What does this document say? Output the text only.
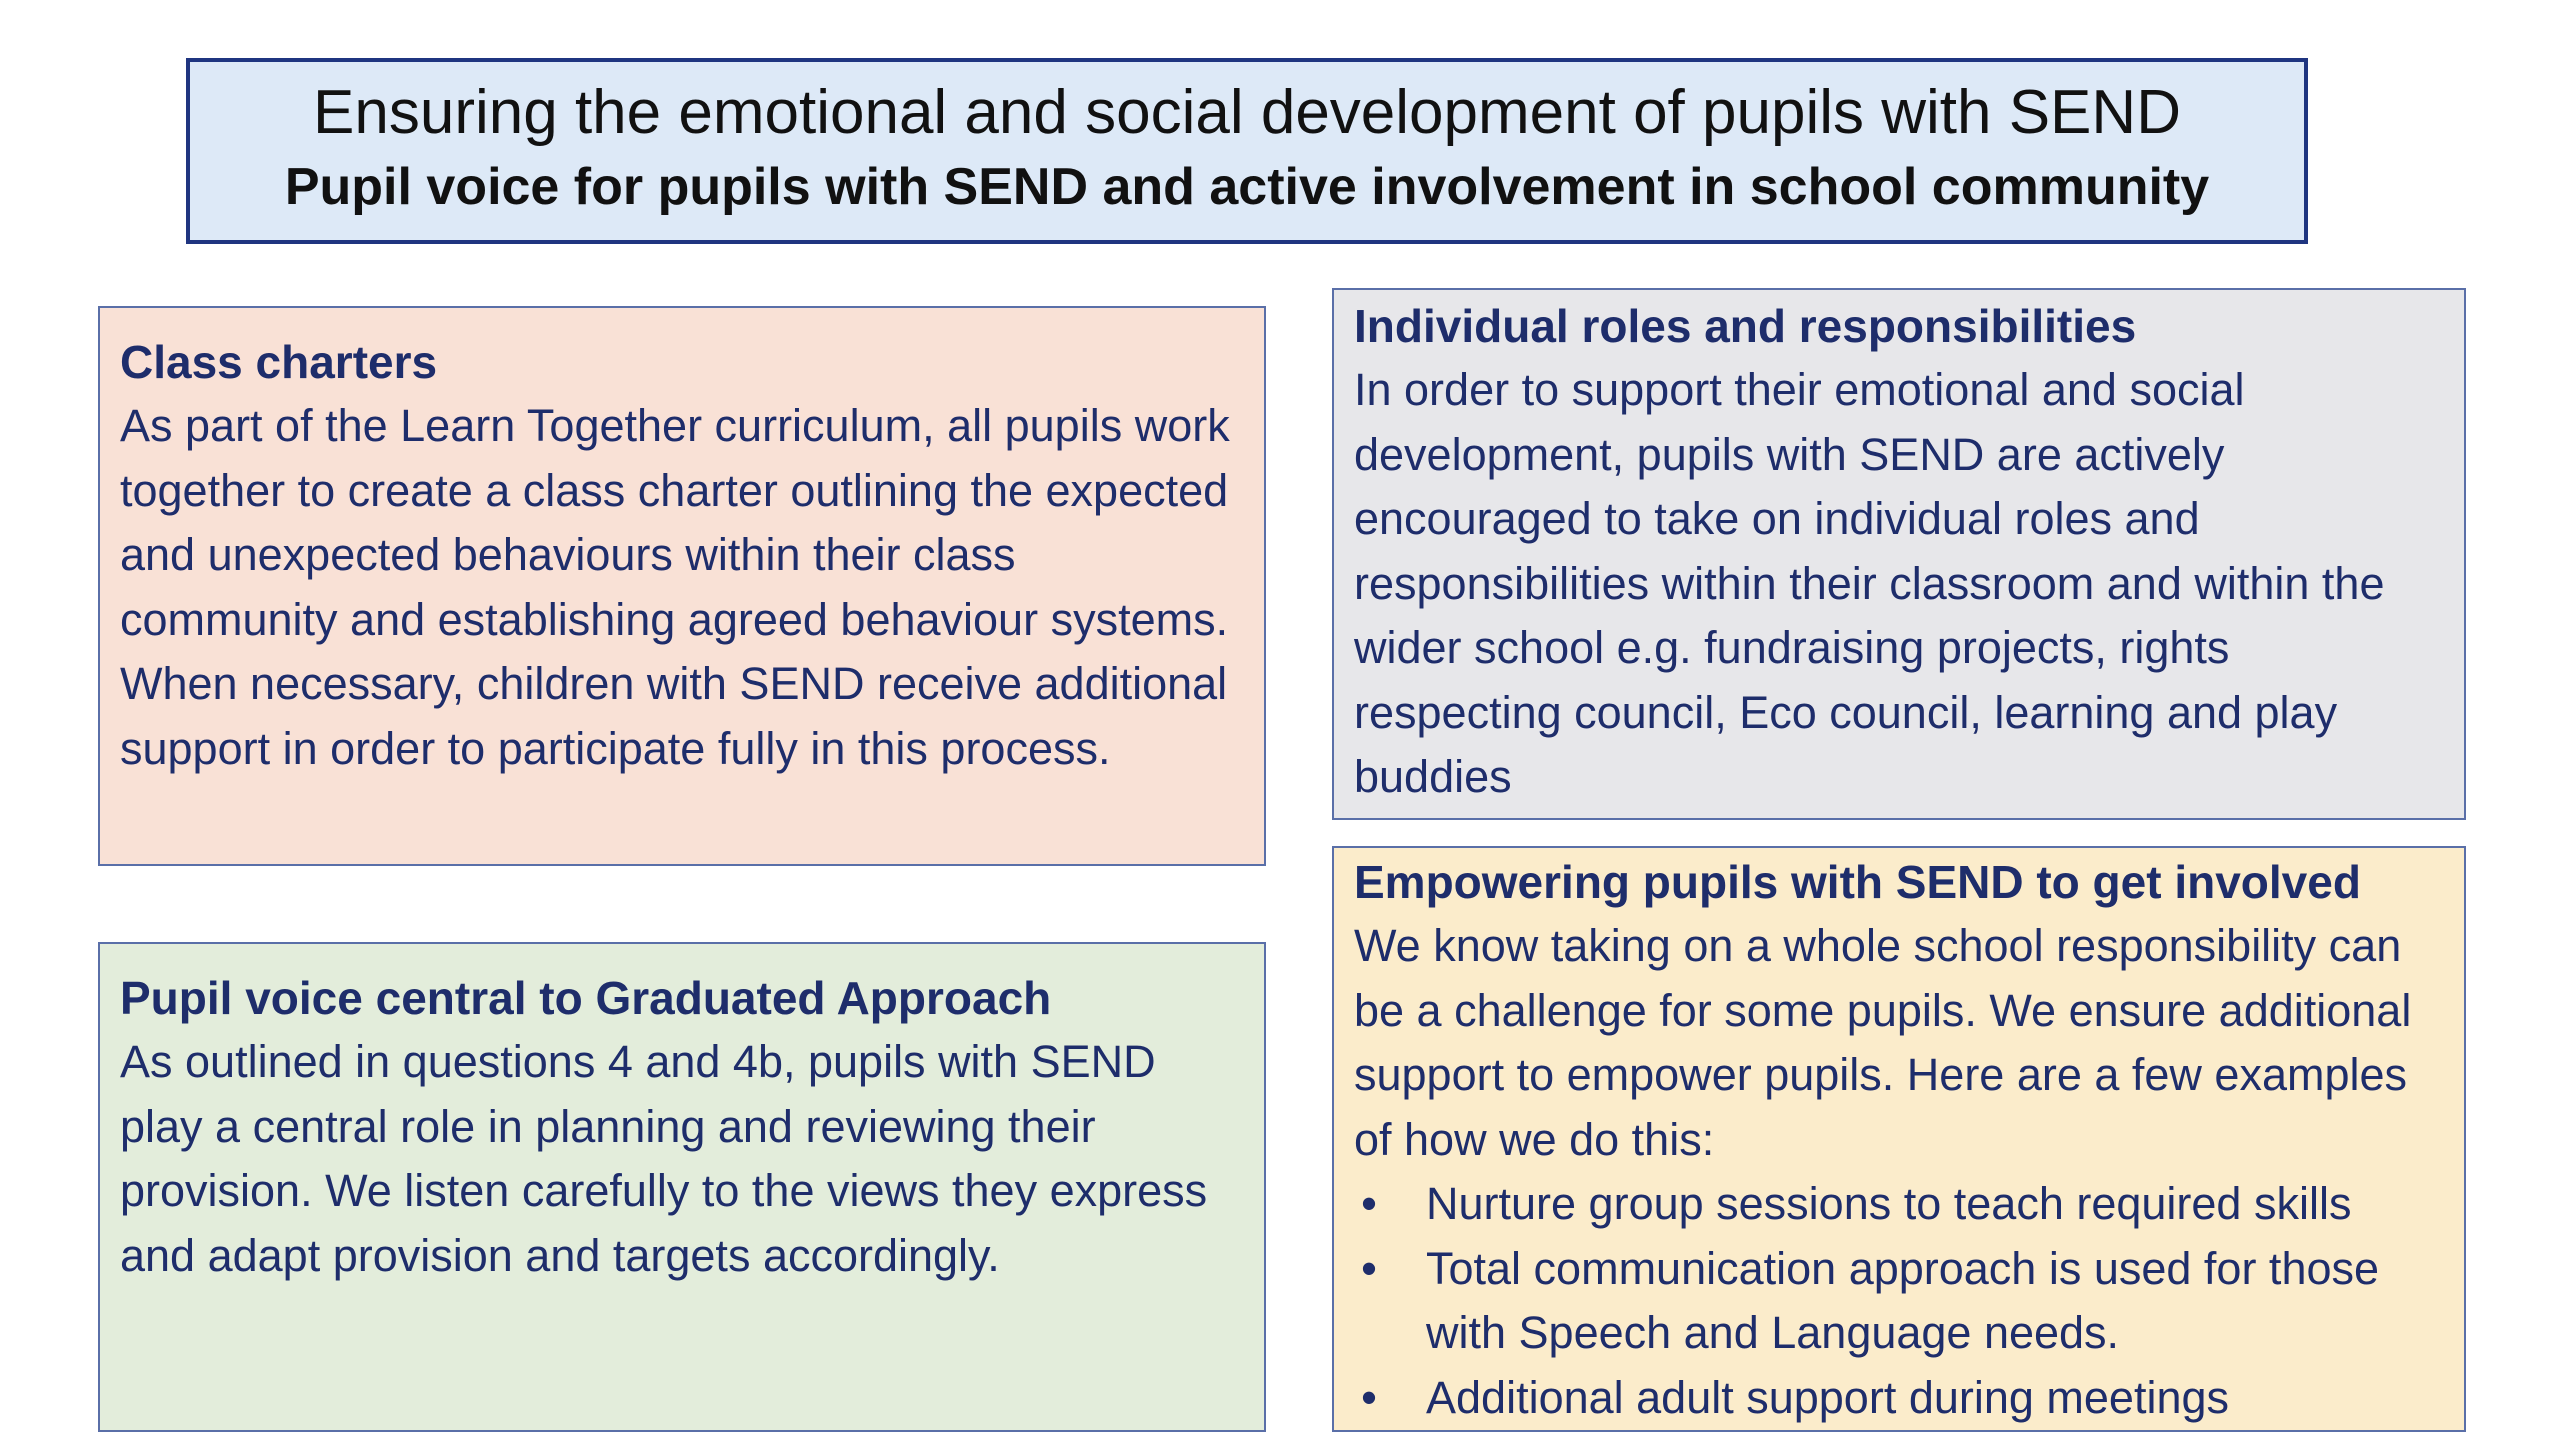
Ensuring the emotional and social development of pupils with SEND
Pupil voice for pupils with SEND and active involvement in school community
Class charters

As part of the Learn Together curriculum, all pupils work together to create a class charter outlining the expected and unexpected behaviours within their class community and establishing agreed behaviour systems. When necessary, children with SEND receive additional support in order to participate fully in this process.

Individual roles and responsibilities

In order to support their emotional and social development, pupils with SEND are actively encouraged to take on individual roles and responsibilities within their classroom and within the wider school e.g. fundraising projects, rights respecting council, Eco council, learning and play buddies

Pupil voice central to Graduated Approach

As outlined in questions 4 and 4b, pupils with SEND play a central role in planning and reviewing their provision. We listen carefully to the views they express and adapt provision and targets accordingly.

Empowering pupils with SEND to get involved

We know taking on a whole school responsibility can be a challenge for some pupils. We ensure additional support to empower pupils. Here are a few examples of how we do this:

• Nurture group sessions to teach required skills
• Total communication approach is used for those with Speech and Language needs.
• Additional adult support during meetings
